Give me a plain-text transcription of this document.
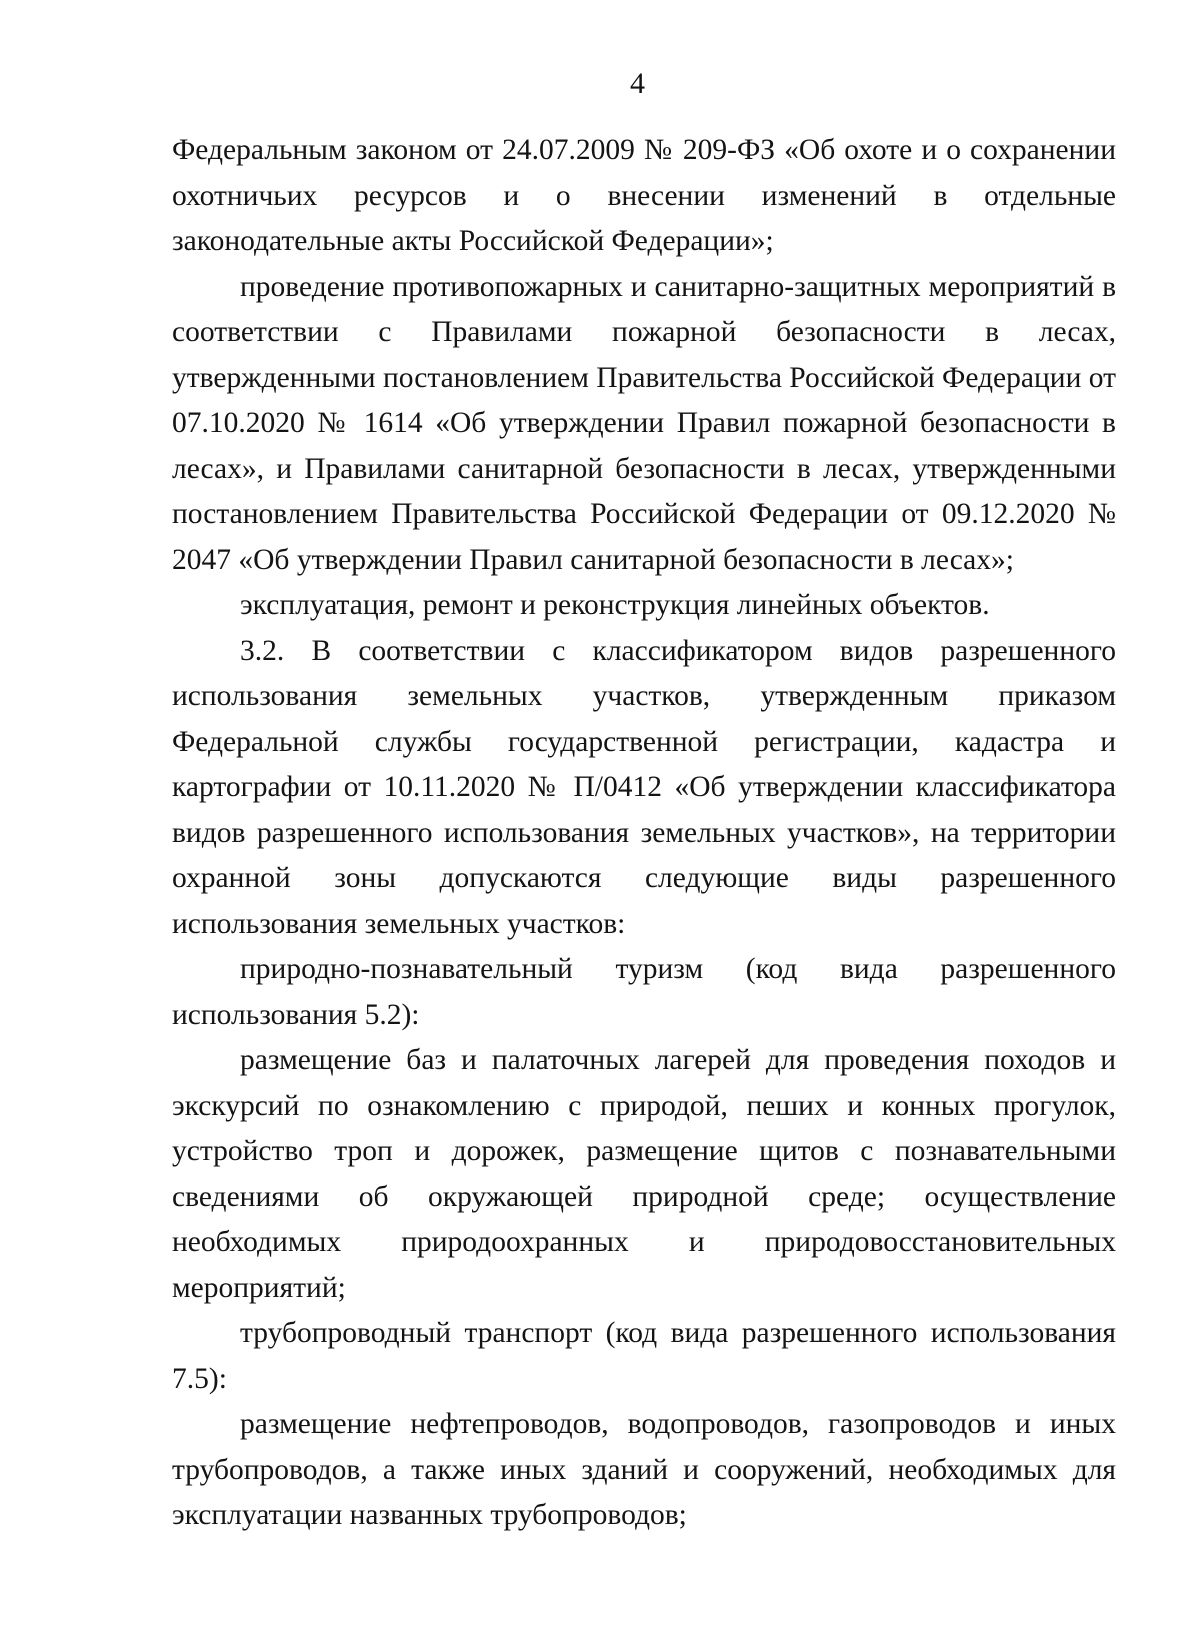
4

Федеральным законом от 24.07.2009 № 209-ФЗ «Об охоте и о сохранении охотничьих ресурсов и о внесении изменений в отдельные законодательные акты Российской Федерации»;

проведение противопожарных и санитарно-защитных мероприятий в соответствии с Правилами пожарной безопасности в лесах, утвержденными постановлением Правительства Российской Федерации от 07.10.2020 № 1614 «Об утверждении Правил пожарной безопасности в лесах», и Правилами санитарной безопасности в лесах, утвержденными постановлением Правительства Российской Федерации от 09.12.2020 № 2047 «Об утверждении Правил санитарной безопасности в лесах»;

эксплуатация, ремонт и реконструкция линейных объектов.

3.2. В соответствии с классификатором видов разрешенного использования земельных участков, утвержденным приказом Федеральной службы государственной регистрации, кадастра и картографии от 10.11.2020 № П/0412 «Об утверждении классификатора видов разрешенного использования земельных участков», на территории охранной зоны допускаются следующие виды разрешенного использования земельных участков:

природно-познавательный туризм (код вида разрешенного использования 5.2):

размещение баз и палаточных лагерей для проведения походов и экскурсий по ознакомлению с природой, пеших и конных прогулок, устройство троп и дорожек, размещение щитов с познавательными сведениями об окружающей природной среде; осуществление необходимых природоохранных и природовосстановительных мероприятий;

трубопроводный транспорт (код вида разрешенного использования 7.5):

размещение нефтепроводов, водопроводов, газопроводов и иных трубопроводов, а также иных зданий и сооружений, необходимых для эксплуатации названных трубопроводов;
